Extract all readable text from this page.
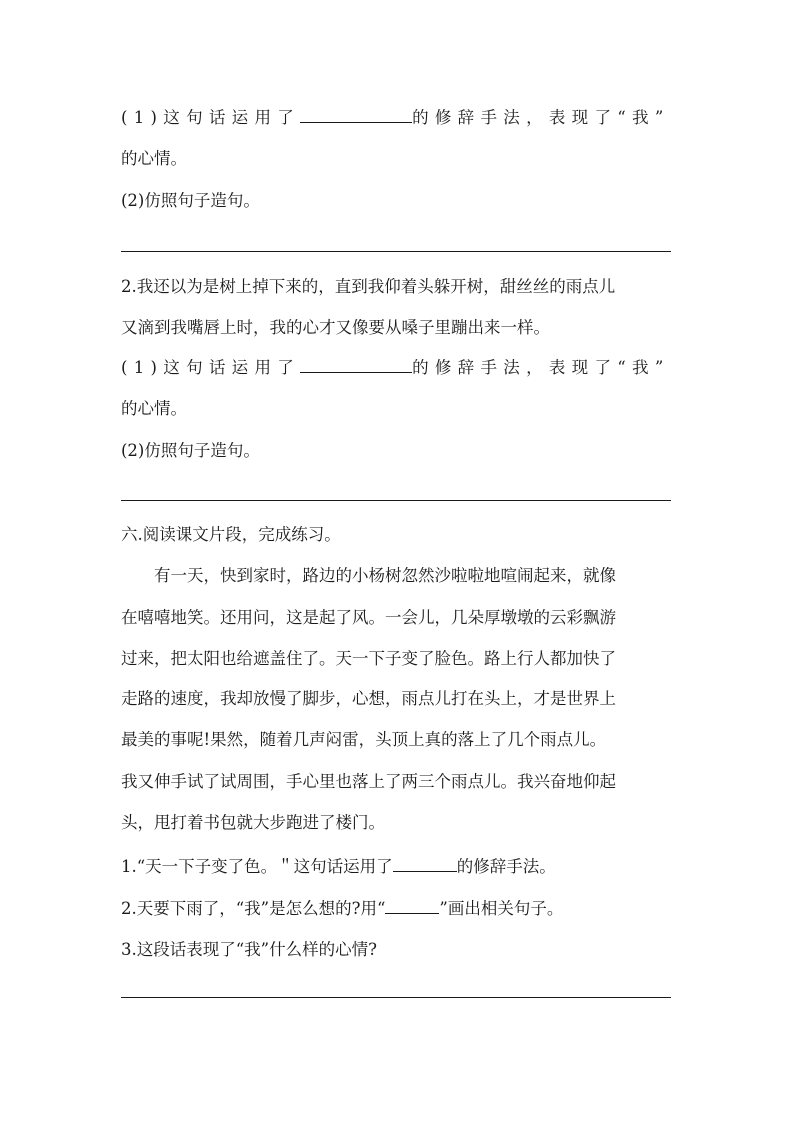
(1)这句话运用了	的修辞手法，表现了“我”
的心情。
(2)仿照句子造句。
2.我还以为是树上掉下来的，直到我仰着头躲开树，甜丝丝的雨点儿
又滴到我嘴唇上时，我的心才又像要从嗓子里蹦出来一样。
(1)这句话运用了	的修辞手法，表现了“我”
的心情。
(2)仿照句子造句。
六.阅读课文片段，完成练习。
有一天，快到家时，路边的小杨树忽然沙啦啦地喧闹起来，就像
在嘻嘻地笑。还用问，这是起了风。一会儿，几朵厚墩墩的云彩飘游
过来，把太阳也给遮盖住了。天一下子变了脸色。路上行人都加快了
走路的速度，我却放慢了脚步，心想，雨点儿打在头上，才是世界上
最美的事呢!果然，随着几声闷雷，头顶上真的落上了几个雨点儿。
我又伸手试了试周围，手心里也落上了两三个雨点儿。我兴奋地仰起
头，甩打着书包就大步跑进了楼门。
1.“天一下子变了色。＂这句话运用了	的修辞手法。
2.天要下雨了，“我”是怎么想的?用“	”画出相关句子。
3.这段话表现了“我”什么样的心情?
